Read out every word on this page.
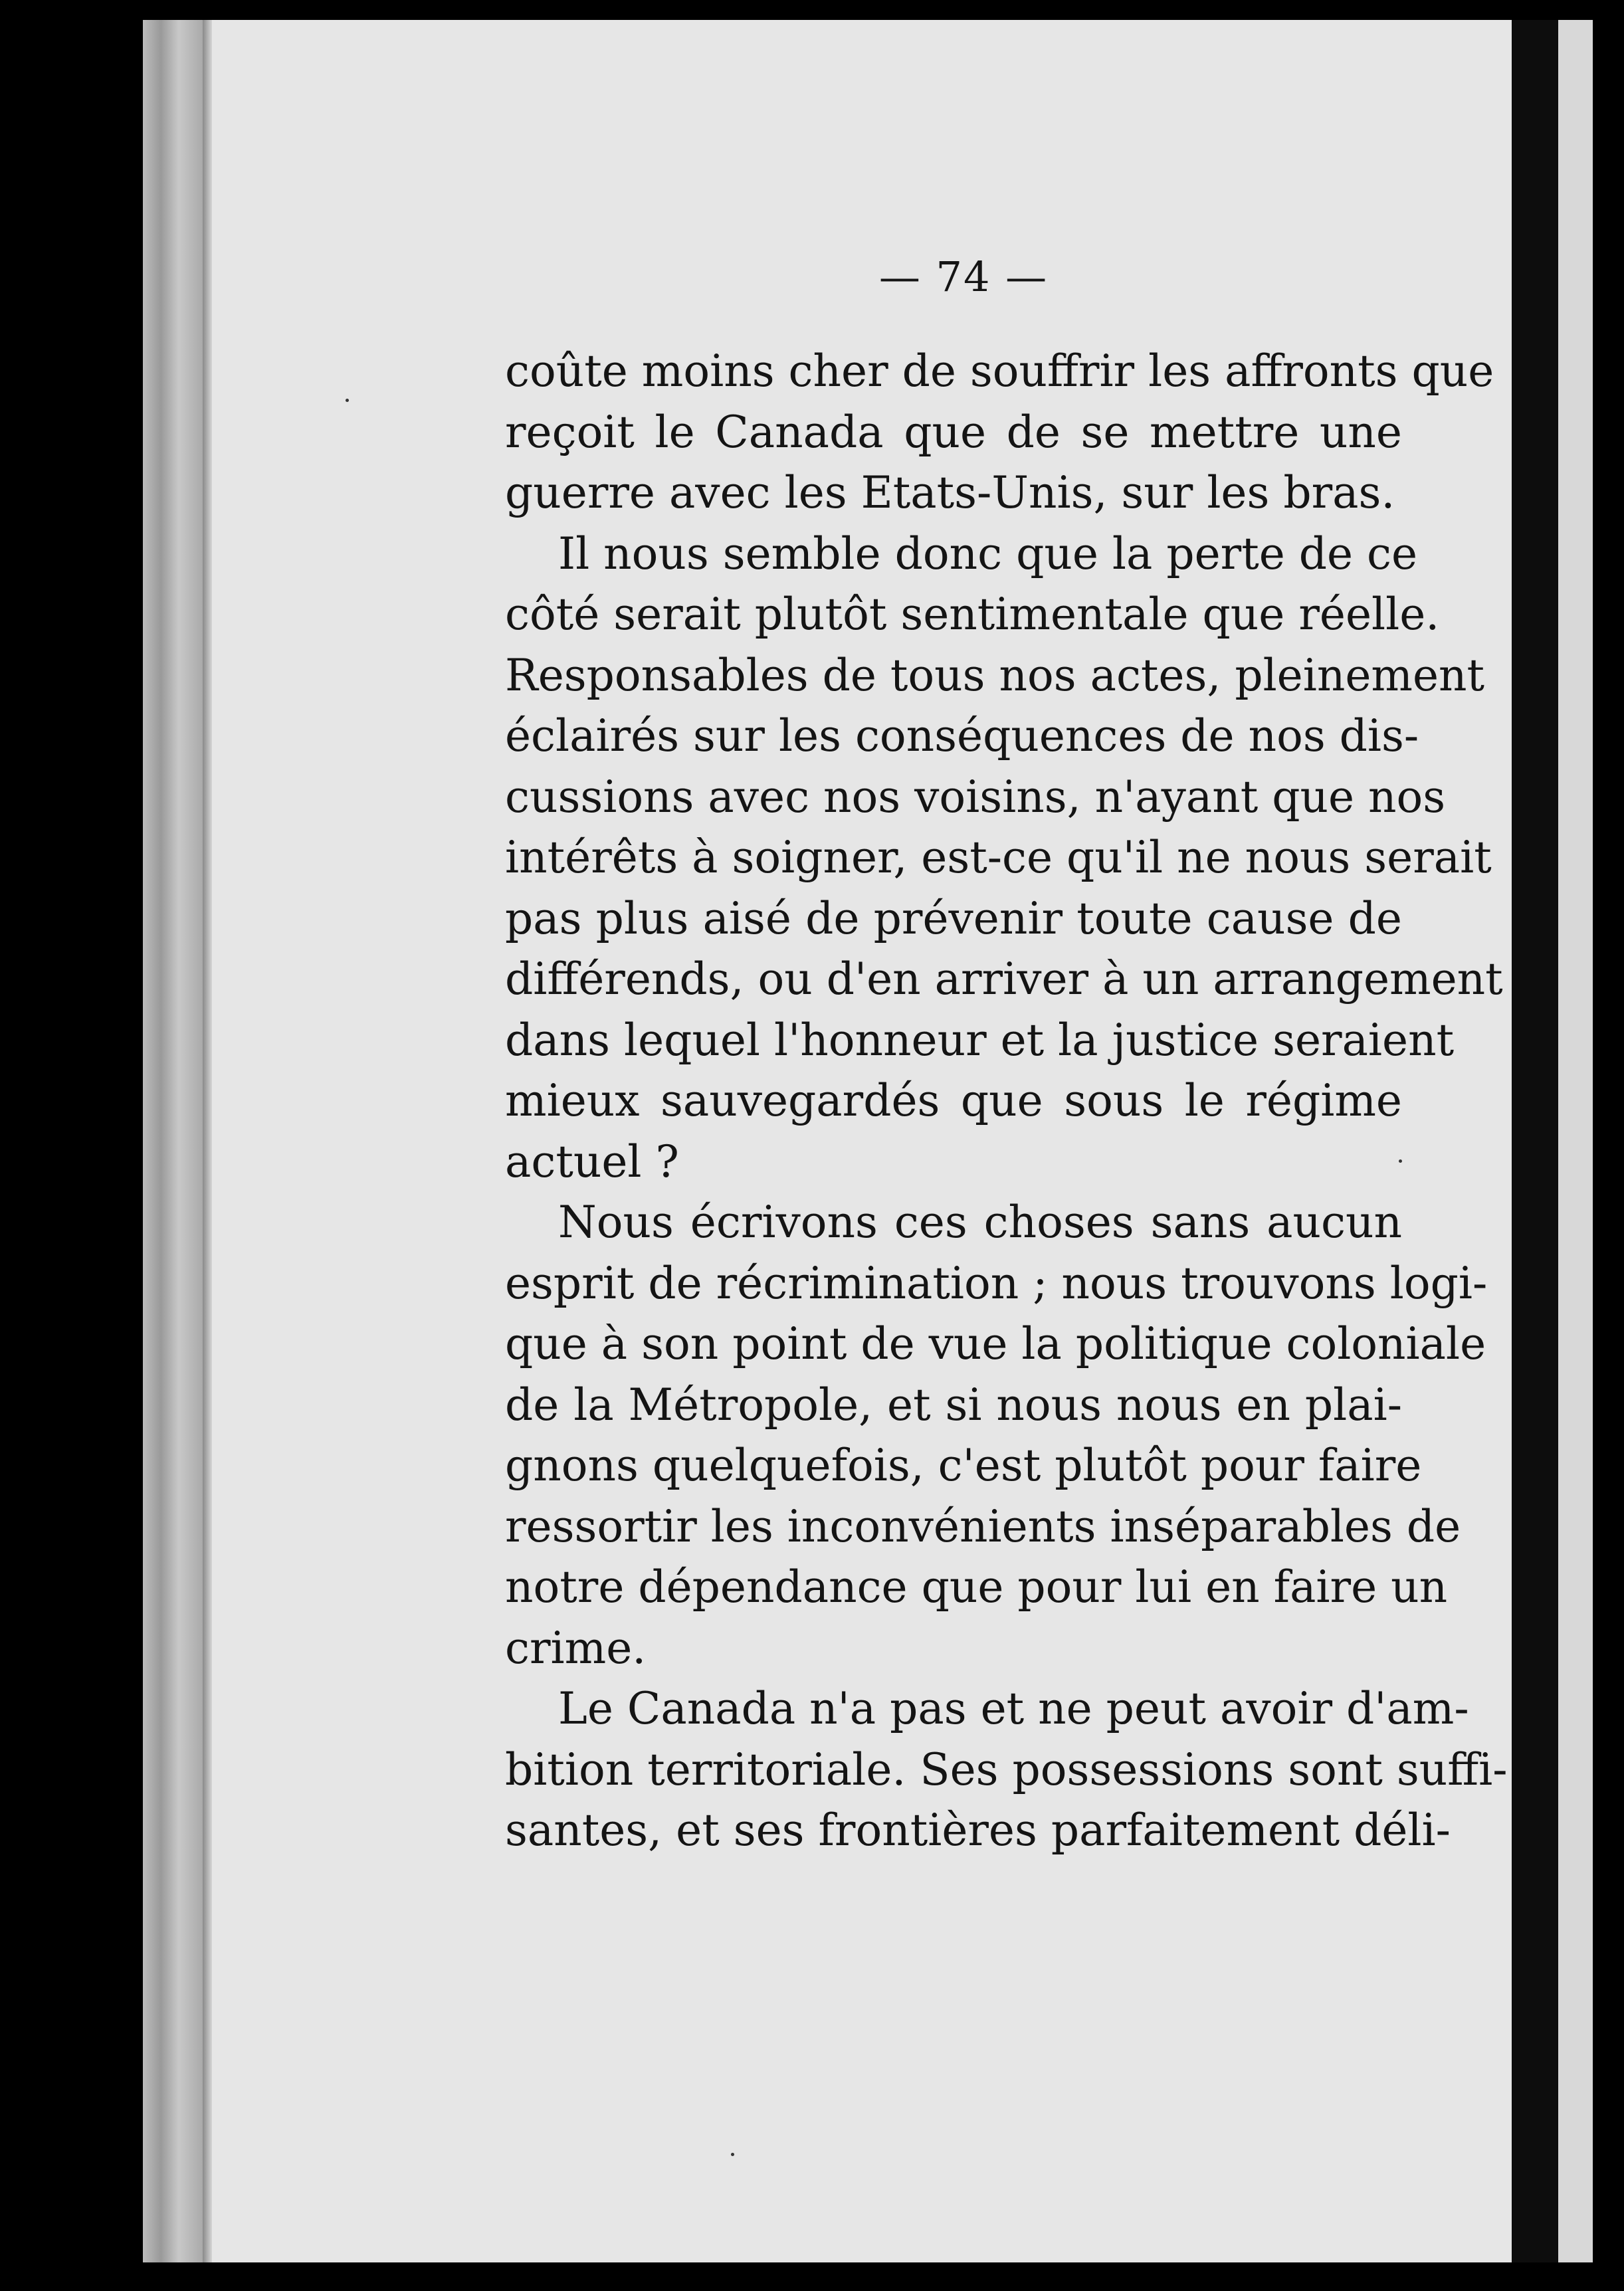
— 74 —
coûte moins cher de souffrir les affronts que
reçoit le Canada que de se mettre une
guerre avec les Etats-Unis, sur les bras.
Il nous semble donc que la perte de ce
côté serait plutôt sentimentale que réelle.
Responsables de tous nos actes, pleinement
éclairés sur les conséquences de nos dis-
cussions avec nos voisins, n'ayant que nos
intérêts à soigner, est-ce qu'il ne nous serait
pas plus aisé de prévenir toute cause de
différends, ou d'en arriver à un arrangement
dans lequel l'honneur et la justice seraient
mieux sauvegardés que sous le régime
actuel ?
Nous écrivons ces choses sans aucun
esprit de récrimination ; nous trouvons logi-
que à son point de vue la politique coloniale
de la Métropole, et si nous nous en plai-
gnons quelquefois, c'est plutôt pour faire
ressortir les inconvénients inséparables de
notre dépendance que pour lui en faire un
crime.
Le Canada n'a pas et ne peut avoir d'am-
bition territoriale. Ses possessions sont suffi-
santes, et ses frontières parfaitement déli-
